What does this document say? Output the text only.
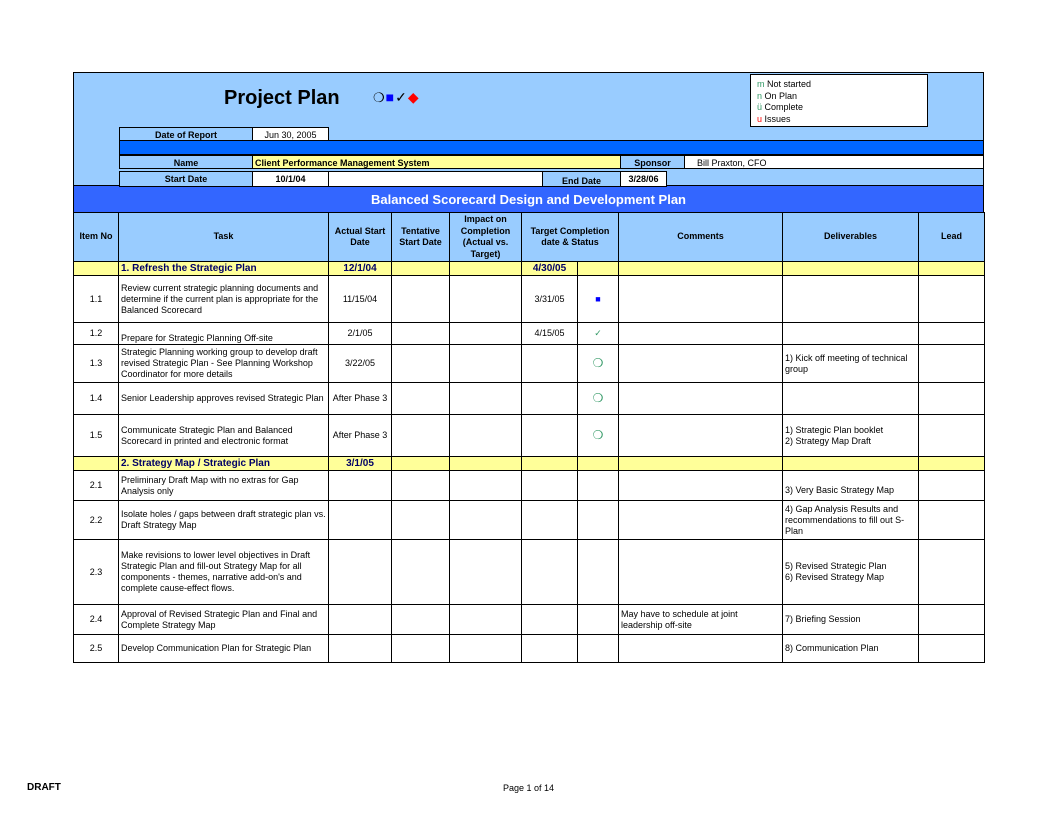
Project Plan	❍■✓◆
m Not started
n On Plan
ü Complete
u Issues
Date of Report	Jun 30, 2005
Name	Client Performance Management System	Sponsor	Bill Praxton, CFO
Start Date	10/1/04	End Date	3/28/06
Balanced Scorecard Design and Development Plan
Item No	Task	Actual Start Date	Tentative Start Date	Impact on Completion (Actual vs. Target)	Target Completion date & Status		Comments	Deliverables	Lead
	1. Refresh the Strategic Plan	12/1/04			4/30/05				
1.1	Review current strategic planning documents and determine if the current plan is appropriate for the Balanced Scorecard	11/15/04			3/31/05	■			
1.2	Prepare for Strategic Planning Off-site	2/1/05			4/15/05	✓			
1.3	Strategic Planning working group to develop draft revised Strategic Plan - See Planning Workshop Coordinator for more details	3/22/05				❍		1) Kick off meeting of technical group	
1.4	Senior Leadership approves revised Strategic Plan	After Phase 3				❍			
1.5	Communicate Strategic Plan and Balanced Scorecard in printed and electronic format	After Phase 3				❍		1) Strategic Plan booklet
2) Strategy Map Draft	
	2. Strategy Map / Strategic Plan	3/1/05							
2.1	Preliminary Draft Map with no extras for Gap Analysis only							3) Very Basic Strategy Map	
2.2	Isolate holes / gaps between draft strategic plan vs. Draft Strategy Map							4) Gap Analysis Results and recommendations to fill out S-Plan	
2.3	Make revisions to lower level objectives in Draft Strategic Plan and fill-out Strategy Map for all components - themes, narrative add-on's and complete cause-effect flows.							5) Revised Strategic Plan
6) Revised Strategy Map	
2.4	Approval of Revised Strategic Plan and Final and Complete Strategy Map						May have to schedule at joint leadership off-site	7) Briefing Session	
2.5	Develop Communication Plan for Strategic Plan							8) Communication Plan	
DRAFT	Page 1 of 14
